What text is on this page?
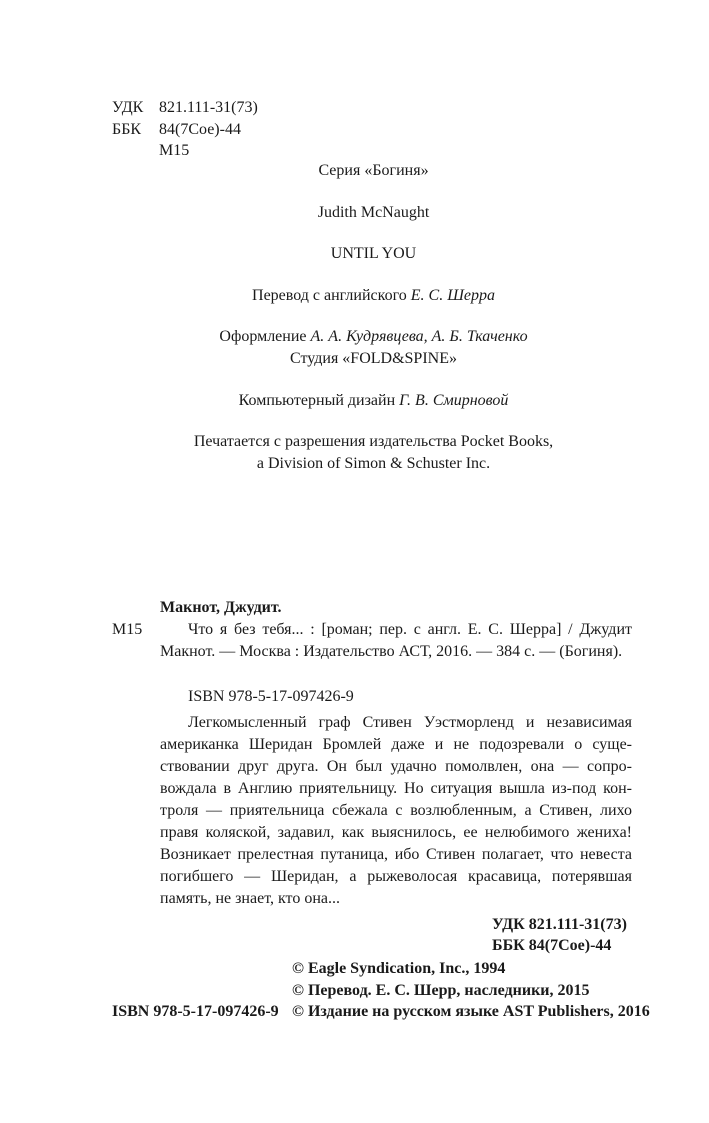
УДК 821.111-31(73)
ББК	84(7Сое)-44
М15
Серия «Богиня»
Judith McNaught
UNTIL YOU
Перевод с английского Е. С. Шерра
Оформление А. А. Кудрявцева, А. Б. Ткаченко
Студия «FOLD&SPINE»
Компьютерный дизайн Г. В. Смирновой
Печатается с разрешения издательства Pocket Books,
a Division of Simon & Schuster Inc.
Макнот, Джудит.
М15	Что я без тебя... : [роман; пер. с англ. Е. С. Шерра] / Джудит Макнот. — Москва : Издательство АСТ, 2016. — 384 с. — (Богиня).
ISBN 978-5-17-097426-9
Легкомысленный граф Стивен Уэстморленд и независимая американка Шеридан Бромлей даже и не подозревали о существовании друг друга. Он был удачно помолвлен, она — сопровождала в Англию приятельницу. Но ситуация вышла из-под контроля — приятельница сбежала с возлюбленным, а Стивен, лихо правя коляской, задавил, как выяснилось, ее нелюбимого жениха! Возникает прелестная путаница, ибо Стивен полагает, что невеста погибшего — Шеридан, а рыжеволосая красавица, потерявшая память, не знает, кто она...
УДК 821.111-31(73)
ББК 84(7Сое)-44
© Eagle Syndication, Inc., 1994
© Перевод. Е. С. Шерр, наследники, 2015
© Издание на русском языке AST Publishers, 2016
ISBN 978-5-17-097426-9
